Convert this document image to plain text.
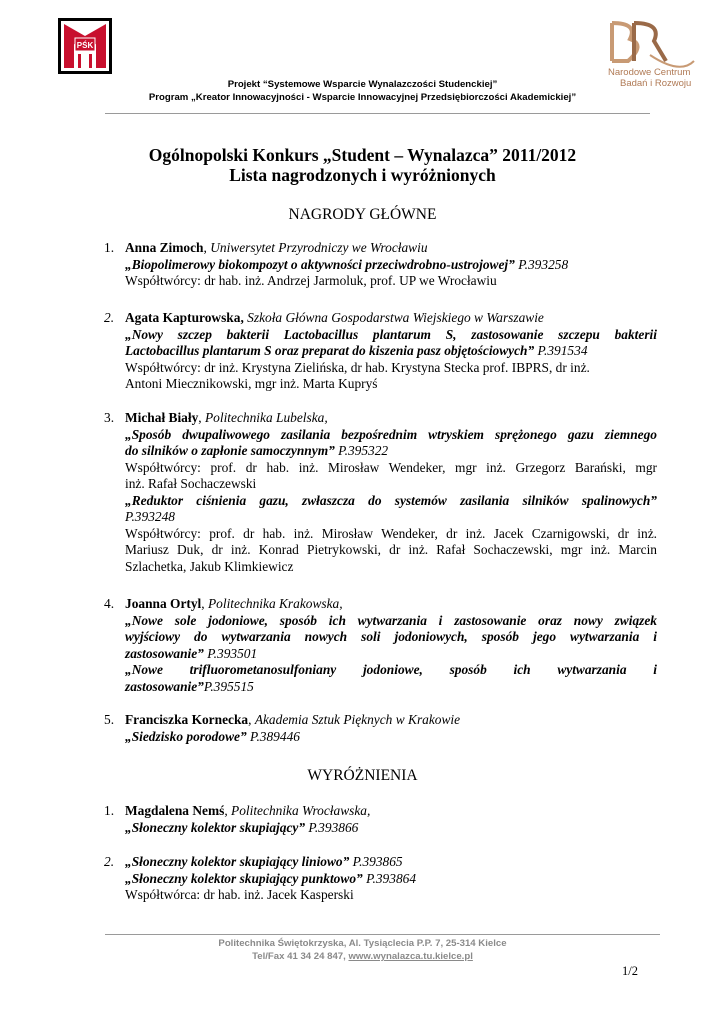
PŚK
Narodowe Centrum
Badań i Rozwoju
Projekt “Systemowe Wsparcie Wynalazczości Studenckiej”
Program „Kreator Innowacyjności - Wsparcie Innowacyjnej Przedsiębiorczości Akademickiej”
Ogólnopolski Konkurs „Student – Wynalazca” 2011/2012
Lista nagrodzonych i wyróżnionych
NAGRODY GŁÓWNE
1. Anna Zimoch, Uniwersytet Przyrodniczy we Wrocławiu
„Biopolimerowy biokompozyt o aktywności przeciwdrobno-ustrojowej” P.393258
Współtwórcy: dr hab. inż. Andrzej Jarmoluk, prof. UP we Wrocławiu
2. Agata Kapturowska, Szkoła Główna Gospodarstwa Wiejskiego w Warszawie
„Nowy szczep bakterii Lactobacillus plantarum S, zastosowanie szczepu bakterii
Lactobacillus plantarum S oraz preparat do kiszenia pasz objętościowych” P.391534
Współtwórcy: dr inż. Krystyna Zielińska, dr hab. Krystyna Stecka prof. IBPRS, dr inż.
Antoni Miecznikowski, mgr inż. Marta Kupryś
3. Michał Biały, Politechnika Lubelska,
„Sposób dwupaliwowego zasilania bezpośrednim wtryskiem sprężonego gazu ziemnego
do silników o zapłonie samoczynnym” P.395322
Współtwórcy: prof. dr hab. inż. Mirosław Wendeker, mgr inż. Grzegorz Barański, mgr
inż. Rafał Sochaczewski
„Reduktor ciśnienia gazu, zwłaszcza do systemów zasilania silników spalinowych”
P.393248
Współtwórcy: prof. dr hab. inż. Mirosław Wendeker, dr inż. Jacek Czarnigowski, dr inż.
Mariusz Duk, dr inż. Konrad Pietrykowski, dr inż. Rafał Sochaczewski, mgr inż. Marcin
Szlachetka, Jakub Klimkiewicz
4. Joanna Ortyl, Politechnika Krakowska,
„Nowe sole jodoniowe, sposób ich wytwarzania i zastosowanie oraz nowy związek
wyjściowy do wytwarzania nowych soli jodoniowych, sposób jego wytwarzania i
zastosowanie” P.393501
„Nowe trifluorometanosulfoniany jodoniowe, sposób ich wytwarzania i
zastosowanie”P.395515
5. Franciszka Kornecka, Akademia Sztuk Pięknych w Krakowie
„Siedzisko porodowe” P.389446
WYRÓŻNIENIA
1. Magdalena Nemś, Politechnika Wrocławska,
„Słoneczny kolektor skupiający” P.393866
2. „Słoneczny kolektor skupiający liniowo” P.393865
„Słoneczny kolektor skupiający punktowo” P.393864
Współtwórca: dr hab. inż. Jacek Kasperski
Politechnika Świętokrzyska, Al. Tysiąclecia P.P. 7, 25-314 Kielce
Tel/Fax 41 34 24 847, www.wynalazca.tu.kielce.pl
1/2
